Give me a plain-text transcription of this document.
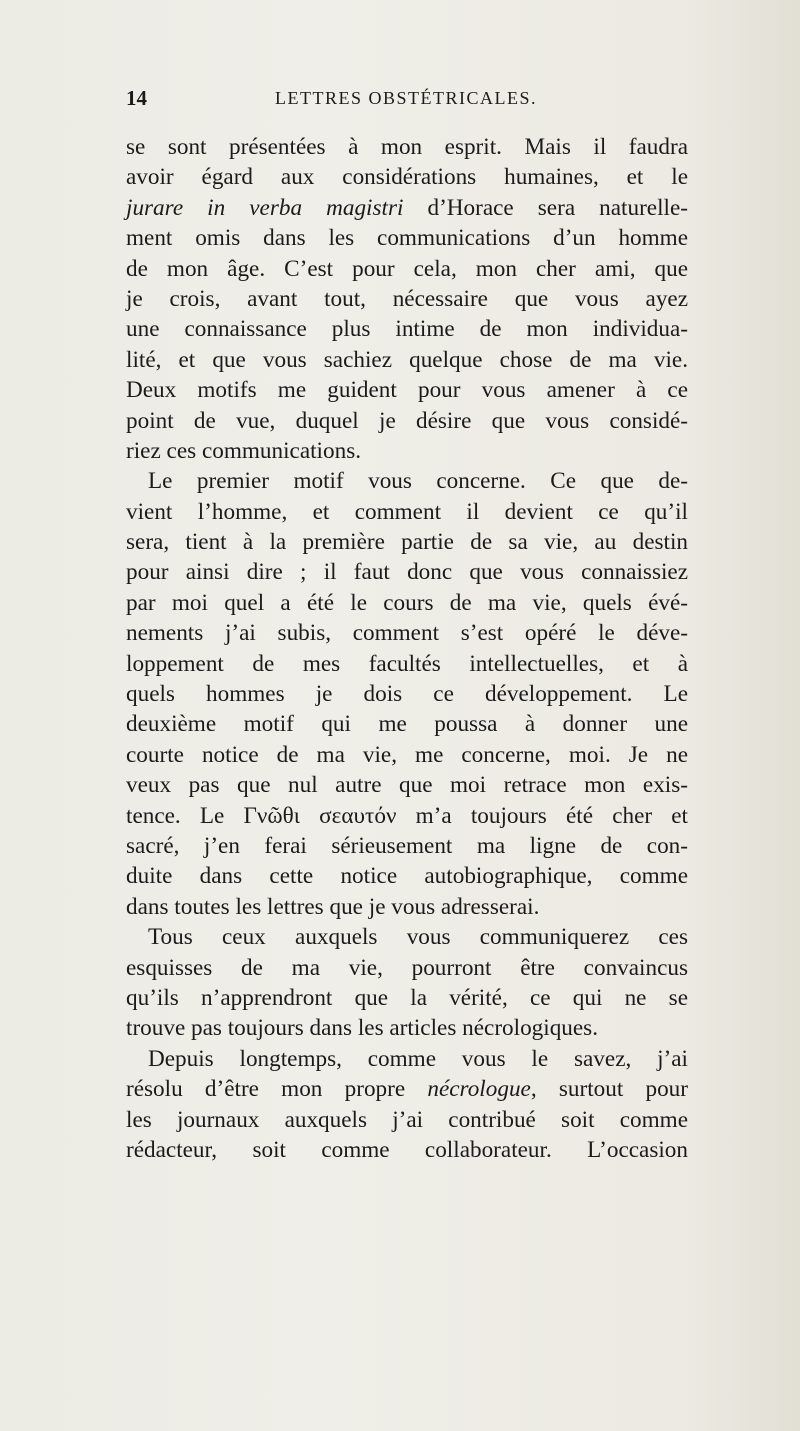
14	LETTRES OBSTÉTRICALES.
se sont présentées à mon esprit. Mais il faudra
avoir égard aux considérations humaines, et le
jurare in verba magistri d’Horace sera naturelle-
ment omis dans les communications d’un homme
de mon âge. C’est pour cela, mon cher ami, que
je crois, avant tout, nécessaire que vous ayez
une connaissance plus intime de mon individua-
lité, et que vous sachiez quelque chose de ma vie.
Deux motifs me guident pour vous amener à ce
point de vue, duquel je désire que vous considé-
riez ces communications.
Le premier motif vous concerne. Ce que de-
vient l’homme, et comment il devient ce qu’il
sera, tient à la première partie de sa vie, au destin
pour ainsi dire ; il faut donc que vous connaissiez
par moi quel a été le cours de ma vie, quels évé-
nements j’ai subis, comment s’est opéré le déve-
loppement de mes facultés intellectuelles, et à
quels hommes je dois ce développement. Le
deuxième motif qui me poussa à donner une
courte notice de ma vie, me concerne, moi. Je ne
veux pas que nul autre que moi retrace mon exis-
tence. Le Γνῶθι σεαυτόν m’a toujours été cher et
sacré, j’en ferai sérieusement ma ligne de con-
duite dans cette notice autobiographique, comme
dans toutes les lettres que je vous adresserai.
Tous ceux auxquels vous communiquerez ces
esquisses de ma vie, pourront être convaincus
qu’ils n’apprendront que la vérité, ce qui ne se
trouve pas toujours dans les articles nécrologiques.
Depuis longtemps, comme vous le savez, j’ai
résolu d’être mon propre nécrologue, surtout pour
les journaux auxquels j’ai contribué soit comme
rédacteur, soit comme collaborateur. L’occasion
